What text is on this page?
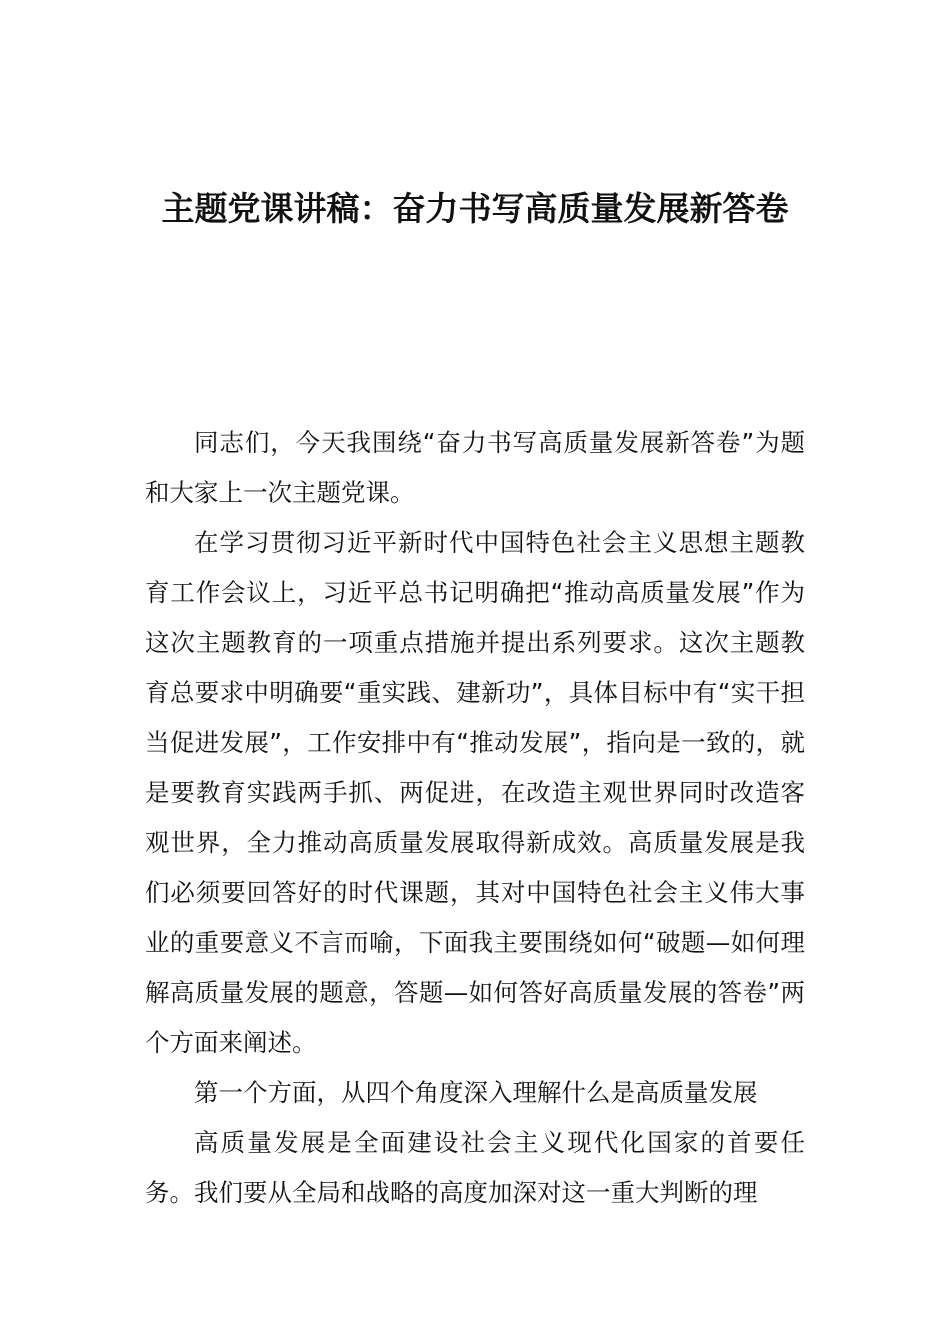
主题党课讲稿：奋力书写高质量发展新答卷

同志们，今天我围绕“奋力书写高质量发展新答卷”为题和大家上一次主题党课。

在学习贯彻习近平新时代中国特色社会主义思想主题教育工作会议上，习近平总书记明确把“推动高质量发展”作为这次主题教育的一项重点措施并提出系列要求。这次主题教育总要求中明确要“重实践、建新功”，具体目标中有“实干担当促进发展”，工作安排中有“推动发展”，指向是一致的，就是要教育实践两手抓、两促进，在改造主观世界同时改造客观世界，全力推动高质量发展取得新成效。高质量发展是我们必须要回答好的时代课题，其对中国特色社会主义伟大事业的重要意义不言而喻，下面我主要围绕如何“破题—如何理解高质量发展的题意，答题—如何答好高质量发展的答卷”两个方面来阐述。

第一个方面，从四个角度深入理解什么是高质量发展

高质量发展是全面建设社会主义现代化国家的首要任务。我们要从全局和战略的高度加深对这一重大判断的理
